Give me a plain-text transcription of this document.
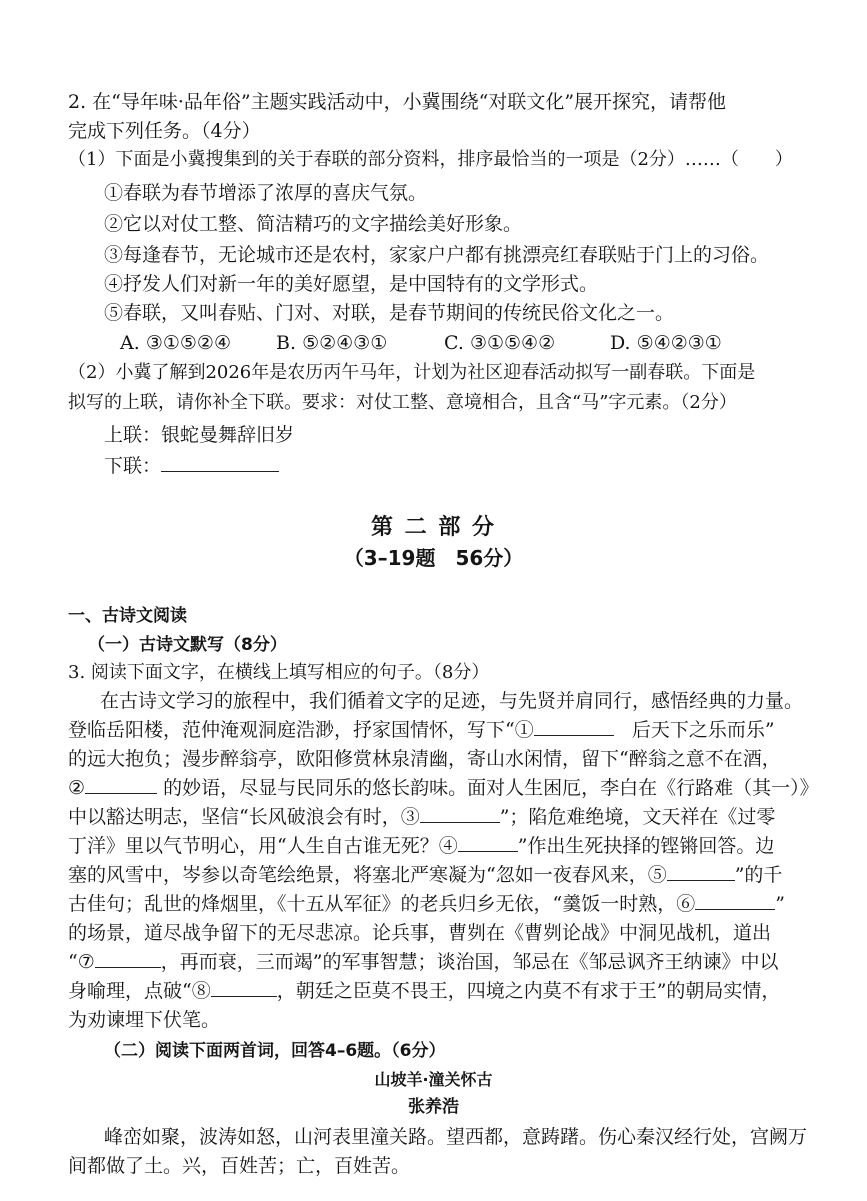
2. 在“导年味·品年俗”主题实践活动中，小冀围绕“对联文化”展开探究，请帮他
完成下列任务。（4分）
（1）下面是小冀搜集到的关于春联的部分资料，排序最恰当的一项是（2分）……（ ）
①春联为春节增添了浓厚的喜庆气氛。
②它以对仗工整、简洁精巧的文字描绘美好形象。
③每逢春节，无论城市还是农村，家家户户都有挑漂亮红春联贴于门上的习俗。
④抒发人们对新一年的美好愿望，是中国特有的文学形式。
⑤春联，又叫春贴、门对、对联，是春节期间的传统民俗文化之一。
A. ③①⑤②④ B. ⑤②④③①	C. ③①⑤④②	D. ⑤④②③①
（2）小冀了解到2026年是农历丙午马年，计划为社区迎春活动拟写一副春联。下面是
拟写的上联，请你补全下联。要求：对仗工整、意境相合，且含“马”字元素。（2分）
上联：银蛇曼舞辞旧岁
下联：
第 二 部 分
（3–19题　56分）
一、古诗文阅读
（一）古诗文默写（8分）
3. 阅读下面文字，在横线上填写相应的句子。（8分）
在古诗文学习的旅程中，我们循着文字的足迹，与先贤并肩同行，感悟经典的力量。
登临岳阳楼，范仲淹观洞庭浩渺，抒家国情怀，写下“①	后天下之乐而乐”
的远大抱负；漫步醉翁亭，欧阳修赏林泉清幽，寄山水闲情，留下“醉翁之意不在酒，
②	的妙语，尽显与民同乐的悠长韵味。面对人生困厄，李白在《行路难（其一）》
中以豁达明志，坚信“长风破浪会有时，③	”；陷危难绝境，文天祥在《过零
丁洋》里以气节明心，用“人生自古谁无死？④	”作出生死抉择的铿锵回答。边
塞的风雪中，岑参以奇笔绘绝景，将塞北严寒凝为“忽如一夜春风来，⑤	”的千
古佳句；乱世的烽烟里，《十五从军征》的老兵归乡无依，“羹饭一时熟，⑥	”
的场景，道尽战争留下的无尽悲凉。论兵事，曹刿在《曹刿论战》中洞见战机，道出
“⑦	，再而衰，三而竭”的军事智慧；谈治国，邹忌在《邹忌讽齐王纳谏》中以
身喻理，点破“⑧	，朝廷之臣莫不畏王，四境之内莫不有求于王”的朝局实情，
为劝谏埋下伏笔。
（二）阅读下面两首词，回答4–6题。（6分）
山坡羊·潼关怀古
张养浩
峰峦如聚，波涛如怒，山河表里潼关路。望西都，意踌躇。伤心秦汉经行处，宫阙万
间都做了土。兴，百姓苦；亡，百姓苦。
